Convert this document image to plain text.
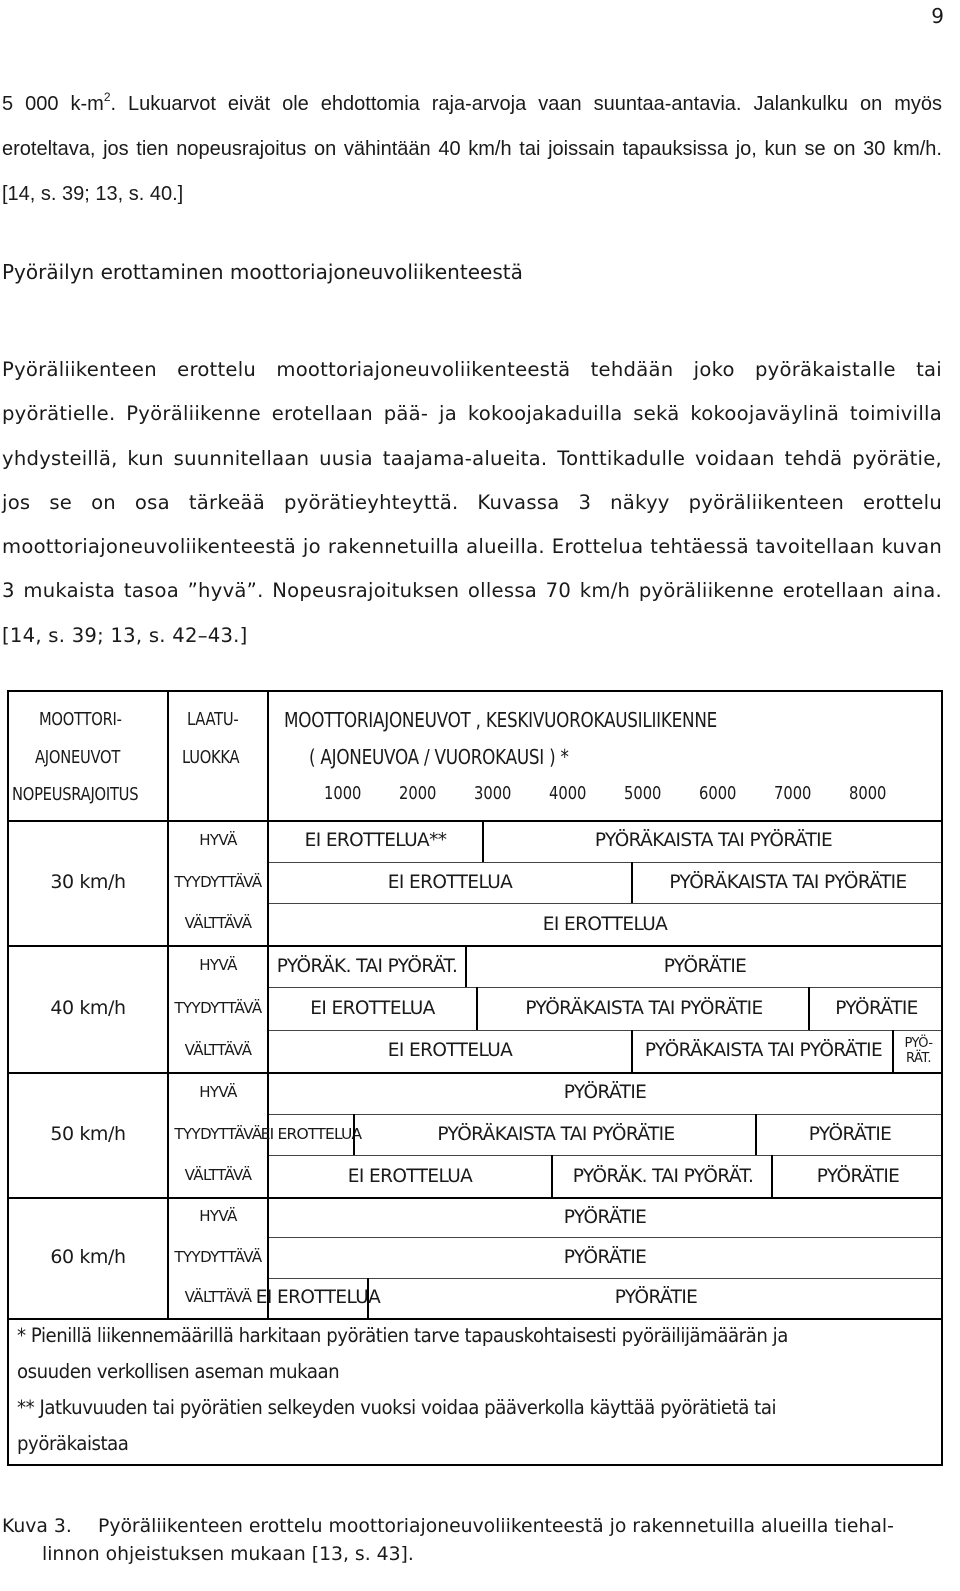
9
5 000 $k-m^2$. Lukuarvot eivät ole ehdottomia raja-arvoja vaan suuntaa-antavia. Jalankulku on myös eroteltava, jos tien nopeusrajoitus on vähintään 40 km/h tai joissain tapauksissa jo, kun se on 30 km/h. [14, s. 39; 13, s. 40.]
Pyöräilyn erottaminen moottoriajoneuvoliikenteestä
Pyöräliikenteen erottelu moottoriajoneuvoliikenteestä tehdään joko pyöräkaistalle tai pyörätielle. Pyöräliikenne erotellaan pää- ja kokoojakaduilla sekä kokoojaväylinä toimivilla yhdysteillä, kun suunnitellaan uusia taajama-alueita. Tonttikadulle voidaan tehdä pyörätie, jos se on osa tärkeää pyörätieyhteyttä. Kuvassa 3 näkyy pyöräliikenteen erottelu moottoriajoneuvoliikenteestä jo rakennetuilla alueilla. Erottelua tehtäessä tavoitellaan kuvan 3 mukaista tasoa ”hyvä”. Nopeusrajoituksen ollessa 70 km/h pyöräliikenne erotellaan aina. [14, s. 39; 13, s. 42–43.]
MOOTTORI-
AJONEUVOT
NOPEUSRAJOITUS
LAATU-
LUOKKA
MOOTTORIAJONEUVOT , KESKIVUOROKAUSILIIKENNE
( AJONEUVOA / VUOROKAUSI ) *
1000 2000 3000 4000 5000 6000 7000 8000
30 km/h
HYVÄ	EI EROTTELUA**	PYÖRÄKAISTA TAI PYÖRÄTIE
TYYDYTTÄVÄ	EI EROTTELUA	PYÖRÄKAISTA TAI PYÖRÄTIE
VÄLTTÄVÄ	EI EROTTELUA
40 km/h
HYVÄ	PYÖRÄK. TAI PYÖRÄT.	PYÖRÄTIE
TYYDYTTÄVÄ	EI EROTTELUA	PYÖRÄKAISTA TAI PYÖRÄTIE	PYÖRÄTIE
VÄLTTÄVÄ	EI EROTTELUA	PYÖRÄKAISTA TAI PYÖRÄTIE	PYÖ-
RÄT.
50 km/h
HYVÄ	PYÖRÄTIE
TYYDYTTÄVÄ EI EROTTELUA	PYÖRÄKAISTA TAI PYÖRÄTIE	PYÖRÄTIE
VÄLTTÄVÄ	EI EROTTELUA	PYÖRÄK. TAI PYÖRÄT.	PYÖRÄTIE
60 km/h
HYVÄ	PYÖRÄTIE
TYYDYTTÄVÄ	PYÖRÄTIE
VÄLTTÄVÄ EI EROTTELUA	PYÖRÄTIE
* Pienillä liikennemäärillä harkitaan pyörätien tarve tapauskohtaisesti pyöräilijämäärän ja
osuuden verkollisen aseman mukaan
** Jatkuvuuden tai pyörätien selkeyden vuoksi voidaa pääverkolla käyttää pyörätietä tai
pyöräkaistaa
Kuva 3. Pyöräliikenteen erottelu moottoriajoneuvoliikenteestä jo rakennetuilla alueilla tiehal-
linnon ohjeistuksen mukaan [13, s. 43].
